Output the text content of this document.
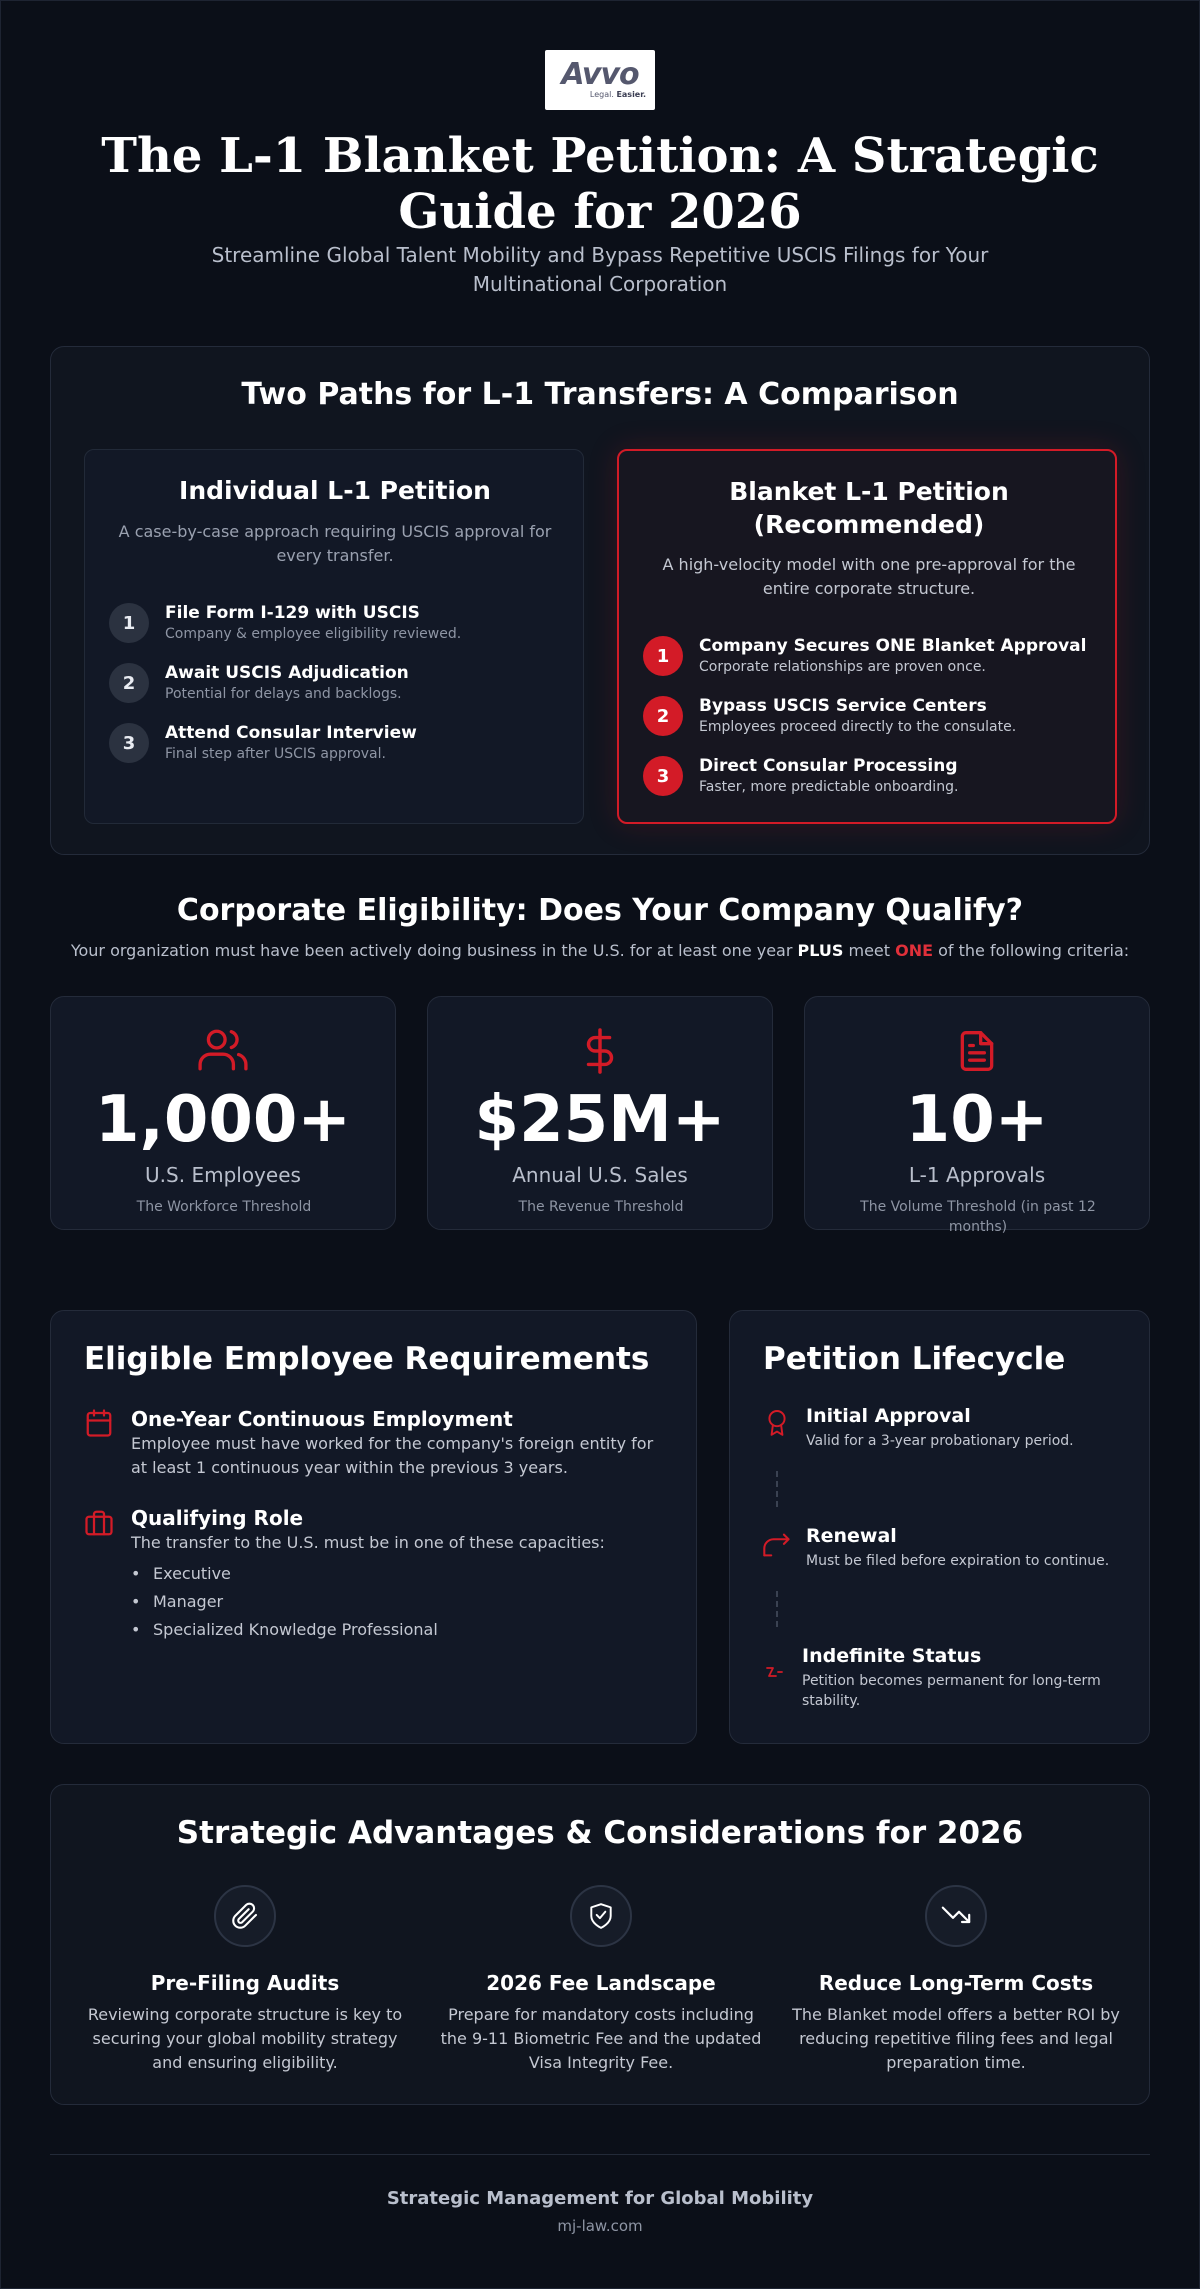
Avvo
Legal. Easier.
The L-1 Blanket Petition: A Strategic Guide for 2026
Streamline Global Talent Mobility and Bypass Repetitive USCIS Filings for Your Multinational Corporation
Two Paths for L-1 Transfers: A Comparison
Individual L-1 Petition
A case-by-case approach requiring USCIS approval for every transfer.
1	File Form I-129 with USCIS
Company & employee eligibility reviewed.
2	Await USCIS Adjudication
Potential for delays and backlogs.
3	Attend Consular Interview
Final step after USCIS approval.
Blanket L-1 Petition (Recommended)
A high-velocity model with one pre-approval for the entire corporate structure.
1	Company Secures ONE Blanket Approval
Corporate relationships are proven once.
2	Bypass USCIS Service Centers
Employees proceed directly to the consulate.
3	Direct Consular Processing
Faster, more predictable onboarding.
Corporate Eligibility: Does Your Company Qualify?
Your organization must have been actively doing business in the U.S. for at least one year PLUS meet ONE of the following criteria:
1,000+
U.S. Employees
The Workforce Threshold
$25M+
Annual U.S. Sales
The Revenue Threshold
10+
L-1 Approvals
The Volume Threshold (in past 12 months)
Eligible Employee Requirements
One-Year Continuous Employment
Employee must have worked for the company's foreign entity for at least 1 continuous year within the previous 3 years.
Qualifying Role
The transfer to the U.S. must be in one of these capacities:
• Executive
• Manager
• Specialized Knowledge Professional
Petition Lifecycle
Initial Approval
Valid for a 3-year probationary period.
Renewal
Must be filed before expiration to continue.
Indefinite Status
Petition becomes permanent for long-term stability.
Strategic Advantages & Considerations for 2026
Pre-Filing Audits
Reviewing corporate structure is key to securing your global mobility strategy and ensuring eligibility.
2026 Fee Landscape
Prepare for mandatory costs including the 9-11 Biometric Fee and the updated Visa Integrity Fee.
Reduce Long-Term Costs
The Blanket model offers a better ROI by reducing repetitive filing fees and legal preparation time.
Strategic Management for Global Mobility
mj-law.com
